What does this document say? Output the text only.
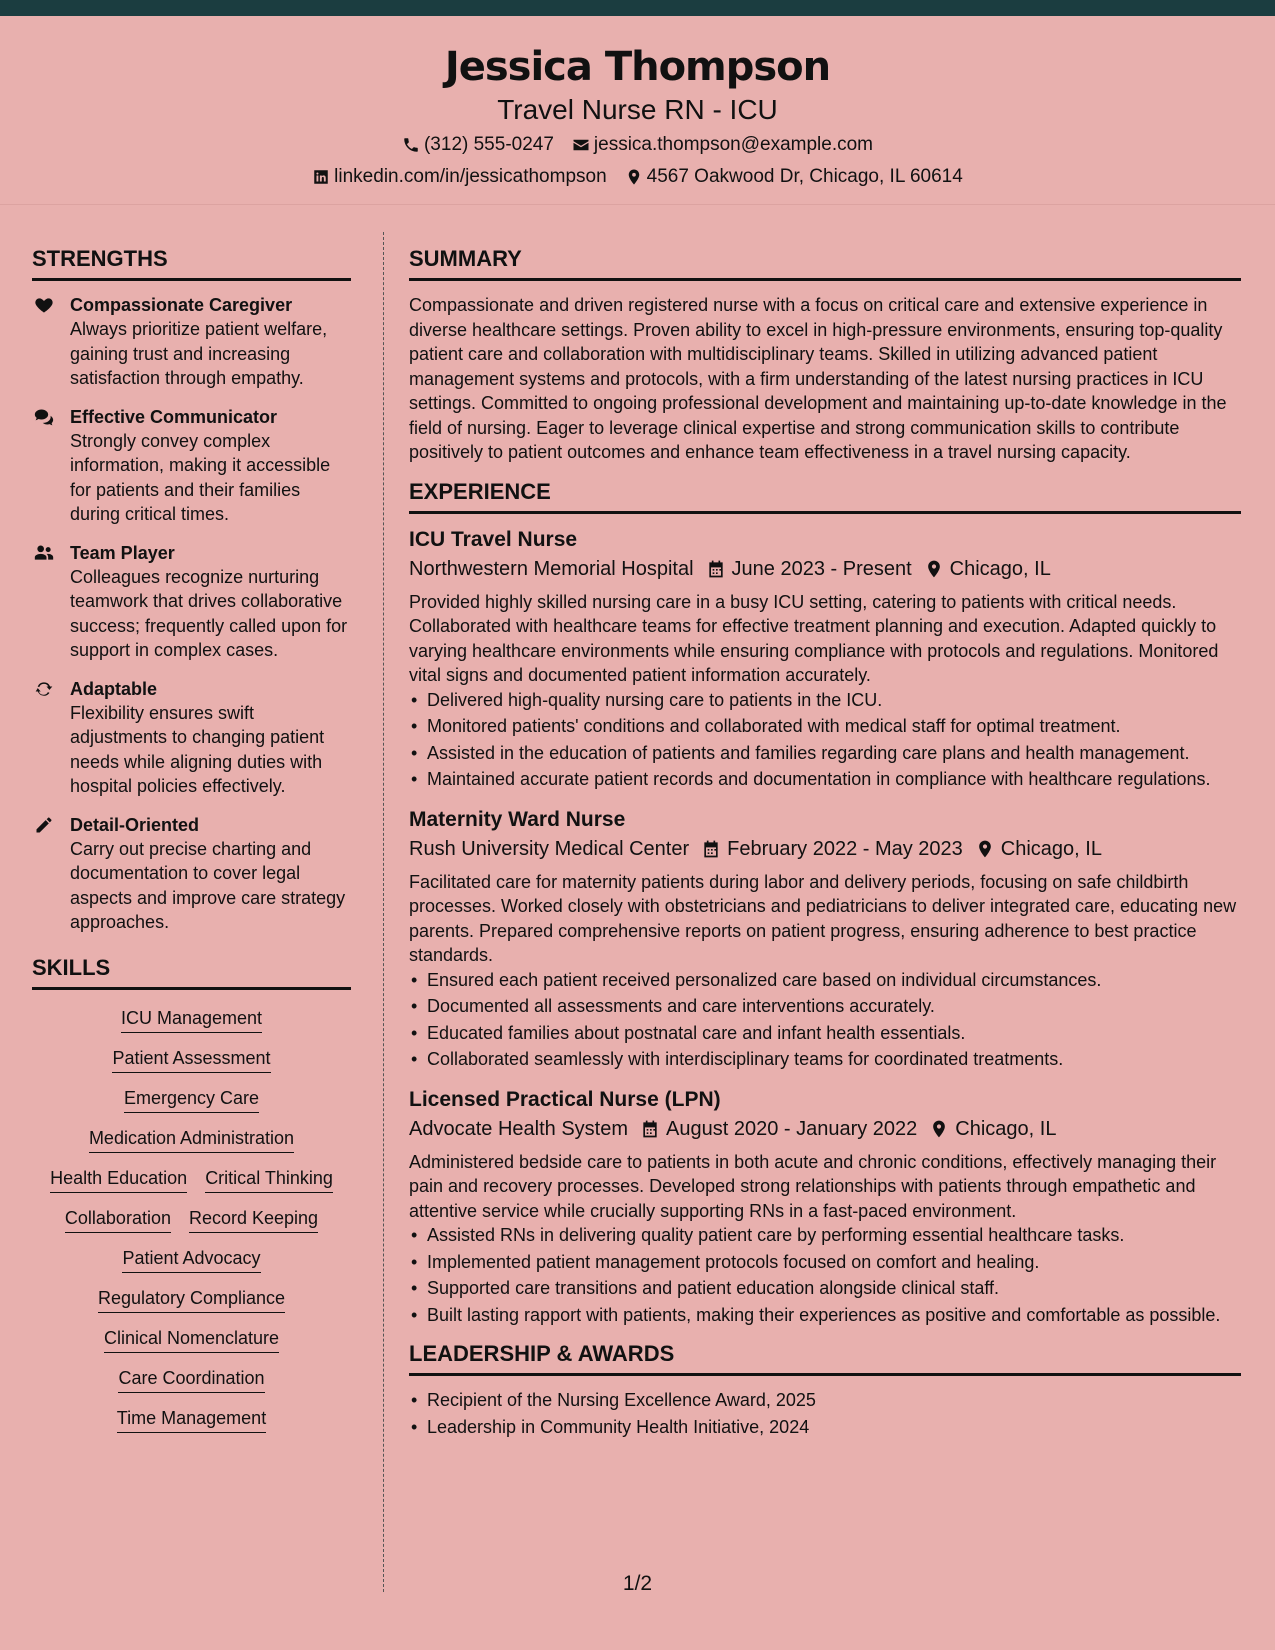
Jessica Thompson
Travel Nurse RN - ICU
(312) 555-0247 jessica.thompson@example.com
linkedin.com/in/jessicathompson 4567 Oakwood Dr, Chicago, IL 60614
STRENGTHS
Compassionate Caregiver
Always prioritize patient welfare, gaining trust and increasing satisfaction through empathy.
Effective Communicator
Strongly convey complex information, making it accessible for patients and their families during critical times.
Team Player
Colleagues recognize nurturing teamwork that drives collaborative success; frequently called upon for support in complex cases.
Adaptable
Flexibility ensures swift adjustments to changing patient needs while aligning duties with hospital policies effectively.
Detail-Oriented
Carry out precise charting and documentation to cover legal aspects and improve care strategy approaches.
SKILLS
ICU Management
Patient Assessment
Emergency Care
Medication Administration
Health Education Critical Thinking
Collaboration Record Keeping
Patient Advocacy
Regulatory Compliance
Clinical Nomenclature
Care Coordination
Time Management
SUMMARY

Compassionate and driven registered nurse with a focus on critical care and extensive experience in diverse healthcare settings. Proven ability to excel in high-pressure environments, ensuring top-quality patient care and collaboration with multidisciplinary teams. Skilled in utilizing advanced patient management systems and protocols, with a firm understanding of the latest nursing practices in ICU settings. Committed to ongoing professional development and maintaining up-to-date knowledge in the field of nursing. Eager to leverage clinical expertise and strong communication skills to contribute positively to patient outcomes and enhance team effectiveness in a travel nursing capacity.

EXPERIENCE
ICU Travel Nurse
Northwestern Memorial Hospital June 2023 - Present Chicago, IL

Provided highly skilled nursing care in a busy ICU setting, catering to patients with critical needs. Collaborated with healthcare teams for effective treatment planning and execution. Adapted quickly to varying healthcare environments while ensuring compliance with protocols and regulations. Monitored vital signs and documented patient information accurately.

• Delivered high-quality nursing care to patients in the ICU.
• Monitored patients' conditions and collaborated with medical staff for optimal treatment.
• Assisted in the education of patients and families regarding care plans and health management.
• Maintained accurate patient records and documentation in compliance with healthcare regulations.
Maternity Ward Nurse
Rush University Medical Center February 2022 - May 2023 Chicago, IL

Facilitated care for maternity patients during labor and delivery periods, focusing on safe childbirth processes. Worked closely with obstetricians and pediatricians to deliver integrated care, educating new parents. Prepared comprehensive reports on patient progress, ensuring adherence to best practice standards.

• Ensured each patient received personalized care based on individual circumstances.
• Documented all assessments and care interventions accurately.
• Educated families about postnatal care and infant health essentials.
• Collaborated seamlessly with interdisciplinary teams for coordinated treatments.
Licensed Practical Nurse (LPN)
Advocate Health System August 2020 - January 2022 Chicago, IL

Administered bedside care to patients in both acute and chronic conditions, effectively managing their pain and recovery processes. Developed strong relationships with patients through empathetic and attentive service while crucially supporting RNs in a fast-paced environment.

• Assisted RNs in delivering quality patient care by performing essential healthcare tasks.
• Implemented patient management protocols focused on comfort and healing.
• Supported care transitions and patient education alongside clinical staff.
• Built lasting rapport with patients, making their experiences as positive and comfortable as possible.
LEADERSHIP & AWARDS
• Recipient of the Nursing Excellence Award, 2025
• Leadership in Community Health Initiative, 2024
1/2
